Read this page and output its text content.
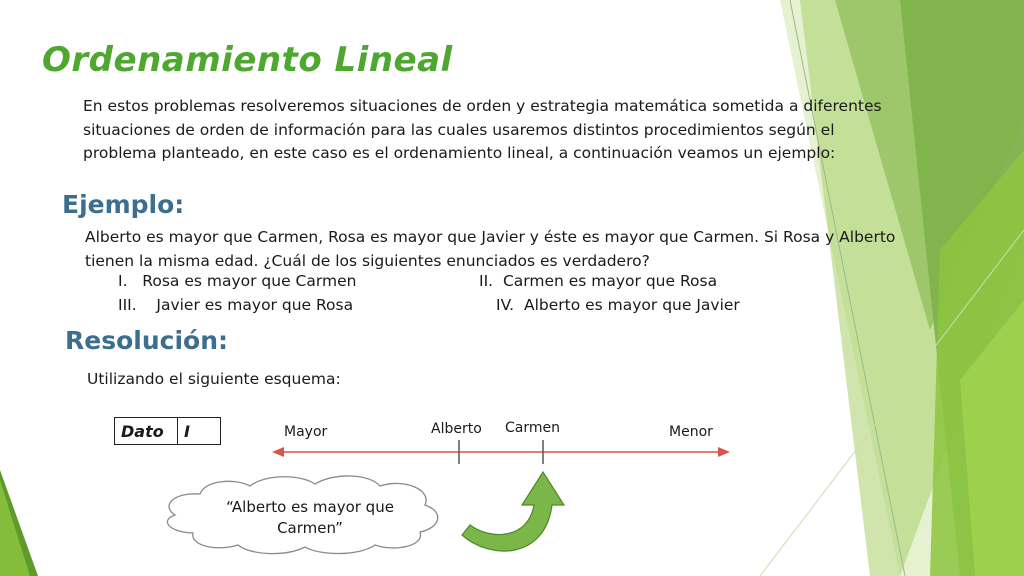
Ordenamiento Lineal
En estos problemas resolveremos situaciones de orden y estrategia matemática sometida a diferentes situaciones de orden de información para las cuales usaremos distintos procedimientos según el problema planteado, en este caso es el ordenamiento lineal, a continuación veamos un ejemplo:
Ejemplo:
Alberto es mayor que Carmen, Rosa es mayor que Javier y éste es mayor que Carmen. Si Rosa y Alberto tienen la misma edad. ¿Cuál de los siguientes enunciados es verdadero?
I. Rosa es mayor que Carmen	II. Carmen es mayor que Rosa
III. Javier es mayor que Rosa	IV. Alberto es mayor que Javier
Resolución:
Utilizando el siguiente esquema:
Dato	I	Mayor	Menor
Alberto Carmen
“Alberto es mayor que Carmen”
